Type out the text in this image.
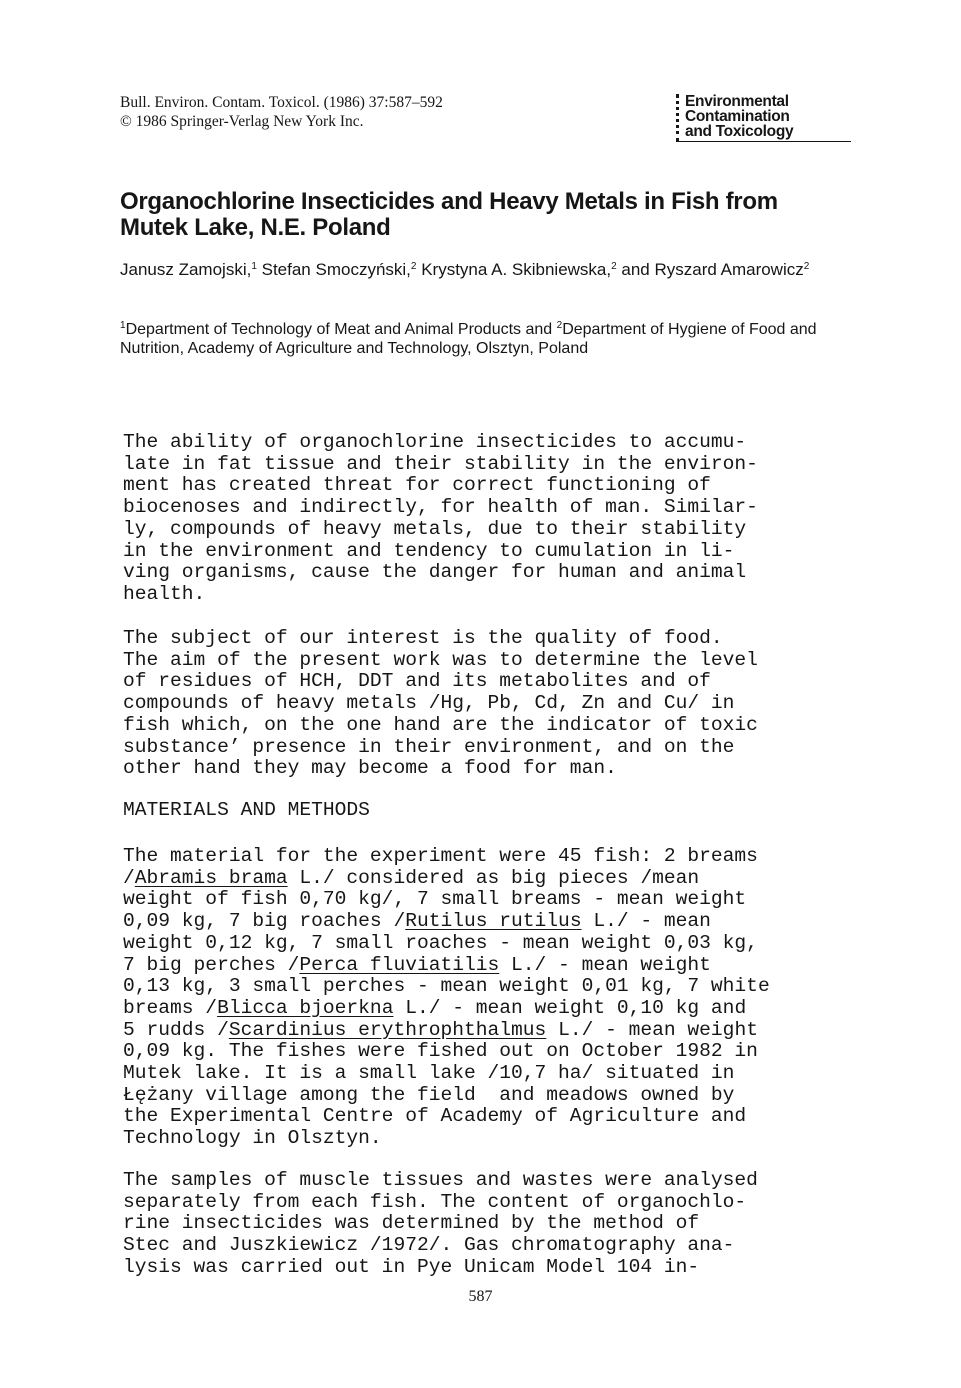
Bull. Environ. Contam. Toxicol. (1986) 37:587–592
© 1986 Springer-Verlag New York Inc.
Environmental
Contamination
and Toxicology
Organochlorine Insecticides and Heavy Metals in Fish from Mutek Lake, N.E. Poland
Janusz Zamojski,$^1$ Stefan Smoczyński,$^2$ Krystyna A. Skibniewska,$^2$ and Ryszard Amarowicz$^2$
$^1$Department of Technology of Meat and Animal Products and $^2$Department of Hygiene of Food and Nutrition, Academy of Agriculture and Technology, Olsztyn, Poland
The ability of organochlorine insecticides to accumu-
late in fat tissue and their stability in the environ-
ment has created threat for correct functioning of
biocenoses and indirectly, for health of man. Similar-
ly, compounds of heavy metals, due to their stability
in the environment and tendency to cumulation in li-
ving organisms, cause the danger for human and animal
health.
The subject of our interest is the quality of food.
The aim of the present work was to determine the level
of residues of HCH, DDT and its metabolites and of
compounds of heavy metals /Hg, Pb, Cd, Zn and Cu/ in
fish which, on the one hand are the indicator of toxic
substance’ presence in their environment, and on the
other hand they may become a food for man.
MATERIALS AND METHODS
The material for the experiment were 45 fish: 2 breams
/Abramis brama L./ considered as big pieces /mean
weight of fish 0,70 kg/, 7 small breams - mean weight
0,09 kg, 7 big roaches /Rutilus rutilus L./ - mean
weight 0,12 kg, 7 small roaches - mean weight 0,03 kg,
7 big perches /Perca fluviatilis L./ - mean weight
0,13 kg, 3 small perches - mean weight 0,01 kg, 7 white
breams /Blicca bjoerkna L./ - mean weight 0,10 kg and
5 rudds /Scardinius erythrophthalmus L./ - mean weight
0,09 kg. The fishes were fished out on October 1982 in
Mutek lake. It is a small lake /10,7 ha/ situated in
Łężany village among the field  and meadows owned by
the Experimental Centre of Academy of Agriculture and
Technology in Olsztyn.
The samples of muscle tissues and wastes were analysed
separately from each fish. The content of organochlo-
rine insecticides was determined by the method of
Stec and Juszkiewicz /1972/. Gas chromatography ana-
lysis was carried out in Pye Unicam Model 104 in-
587
